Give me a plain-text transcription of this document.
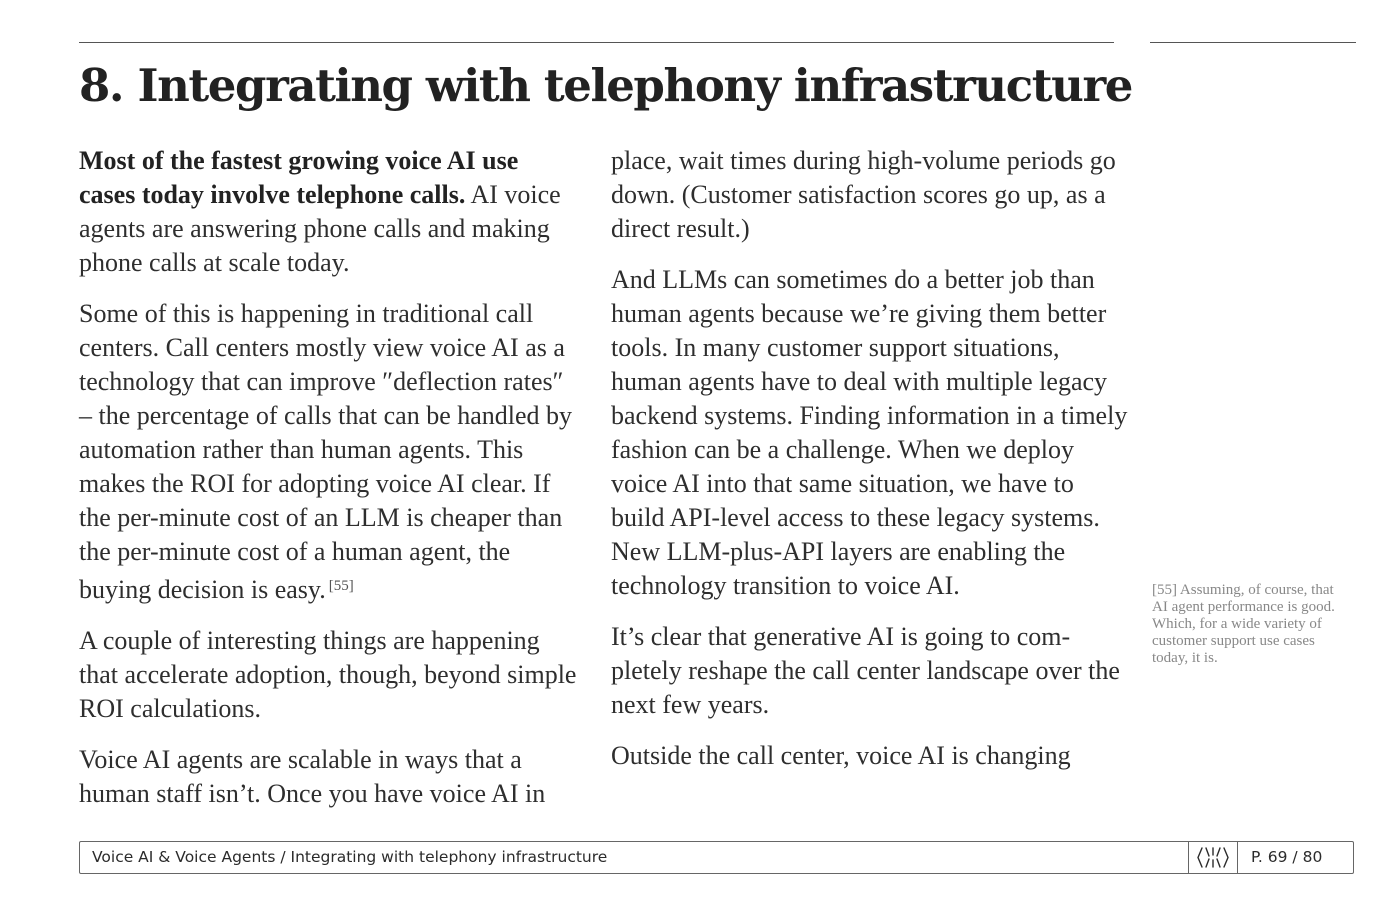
8. Integrating with telephony infrastructure

Most of the fastest growing voice AI use cases today involve telephone calls. AI voice agents are answering phone calls and making phone calls at scale today.

Some of this is happening in traditional call centers. Call centers mostly view voice AI as a technology that can improve ″deflection rates″ – the percentage of calls that can be handled by automation rather than human agents. This makes the ROI for adopting voice AI clear. If the per-minute cost of an LLM is cheaper than the per-minute cost of a human agent, the buying decision is easy. [55]

A couple of interesting things are happening that accelerate adoption, though, beyond simple ROI calculations.

Voice AI agents are scalable in ways that a human staff isn’t. Once you have voice AI in

place, wait times during high-volume periods go down. (Customer satisfaction scores go up, as a direct result.)

And LLMs can sometimes do a better job than human agents because we’re giving them better tools. In many customer support situations, human agents have to deal with multiple legacy backend systems. Finding information in a timely fashion can be a challenge. When we deploy voice AI into that same situation, we have to build API-level access to these legacy systems. New LLM-plus-API layers are enabling the technology transition to voice AI.

It’s clear that generative AI is going to completely reshape the call center landscape over the next few years.

Outside the call center, voice AI is changing

[55] Assuming, of course, that AI agent performance is good. Which, for a wide variety of customer support use cases today, it is.

Voice AI & Voice Agents / Integrating with telephony infrastructure	P. 69 / 80
